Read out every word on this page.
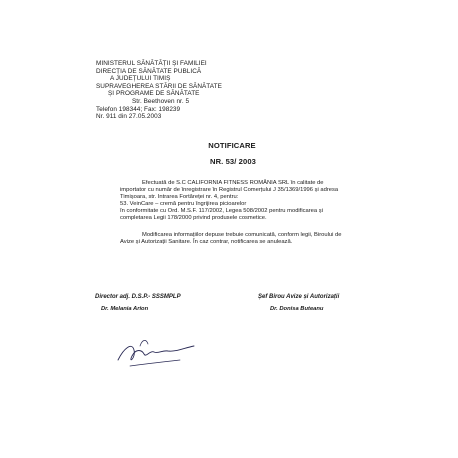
MINISTERUL SĂNĂTĂȚII ȘI FAMILIEI
DIRECȚIA DE SĂNĂTATE PUBLICĂ
A JUDEȚULUI TIMIȘ
SUPRAVEGHEREA STĂRII DE SĂNĂTATE
ȘI PROGRAME DE SĂNĂTATE
Str. Beethoven nr. 5
Telefon 198344; Fax: 198239
Nr. 911 din 27.05.2003
NOTIFICARE
NR. 53/ 2003
Efectuată de S.C CALIFORNIA FITNESS ROMÂNIA SRL în calitate de
importator cu număr de înregistrare în Registrul Comerțului J 35/1369/1996 și adresa
Timișoara, str. Intrarea Fortăreței nr. 4, pentru:
53. VeinCare – cremă pentru îngrijirea picioarelor
în conformitate cu Ord. M.S.F. 117/2002, Legea 508/2002 pentru modificarea și
completarea Legii 178/2000 privind produsele cosmetice.
Modificarea informațiilor depuse trebuie comunicată, conform legii, Biroului de
Avize și Autorizații Sanitare. În caz contrar, notificarea se anulează.
Director adj. D.S.P.- SSSMPLP
Dr. Melania Arion
Șef Birou Avize și Autorizații
Dr. Donisa Buteanu
